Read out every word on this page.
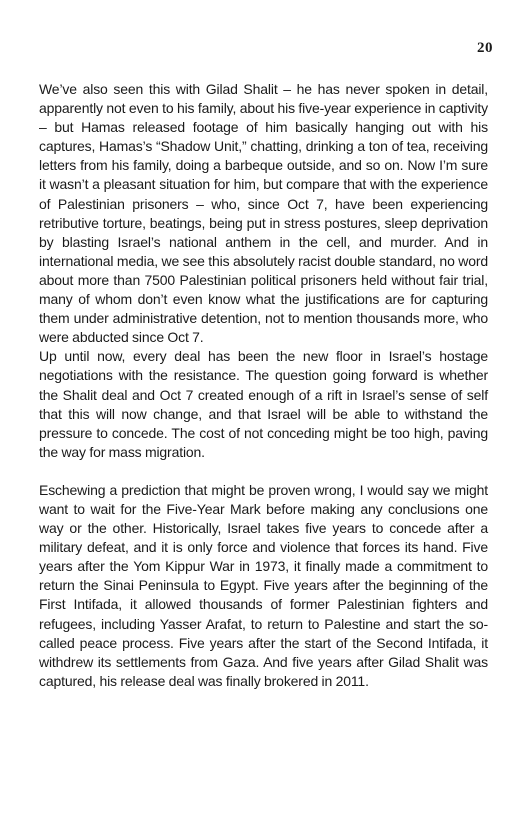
20

We’ve also seen this with Gilad Shalit – he has never spoken in detail, apparently not even to his family, about his five-year experience in captivity – but Hamas released footage of him basically hanging out with his captures, Hamas’s “Shadow Unit,” chatting, drinking a ton of tea, receiving letters from his family, doing a barbeque outside, and so on. Now I’m sure it wasn’t a pleasant situation for him, but compare that with the experience of Palestinian prisoners – who, since Oct 7, have been experiencing retributive torture, beatings, being put in stress postures, sleep deprivation by blasting Israel’s national anthem in the cell, and murder. And in international media, we see this absolutely racist double standard, no word about more than 7500 Palestinian political prisoners held without fair trial, many of whom don’t even know what the justifications are for capturing them under administrative detention, not to mention thousands more, who were abducted since Oct 7.

Up until now, every deal has been the new floor in Israel’s hostage negotiations with the resistance. The question going forward is whether the Shalit deal and Oct 7 created enough of a rift in Israel’s sense of self that this will now change, and that Israel will be able to withstand the pressure to concede. The cost of not conceding might be too high, paving the way for mass migration.

Eschewing a prediction that might be proven wrong, I would say we might want to wait for the Five-Year Mark before making any conclusions one way or the other. Historically, Israel takes five years to concede after a military defeat, and it is only force and violence that forces its hand. Five years after the Yom Kippur War in 1973, it finally made a commitment to return the Sinai Peninsula to Egypt. Five years after the beginning of the First Intifada, it allowed thousands of former Palestinian fighters and refugees, including Yasser Arafat, to return to Palestine and start the so- called peace process. Five years after the start of the Second Intifada, it withdrew its settlements from Gaza. And five years after Gilad Shalit was captured, his release deal was finally brokered in 2011.
